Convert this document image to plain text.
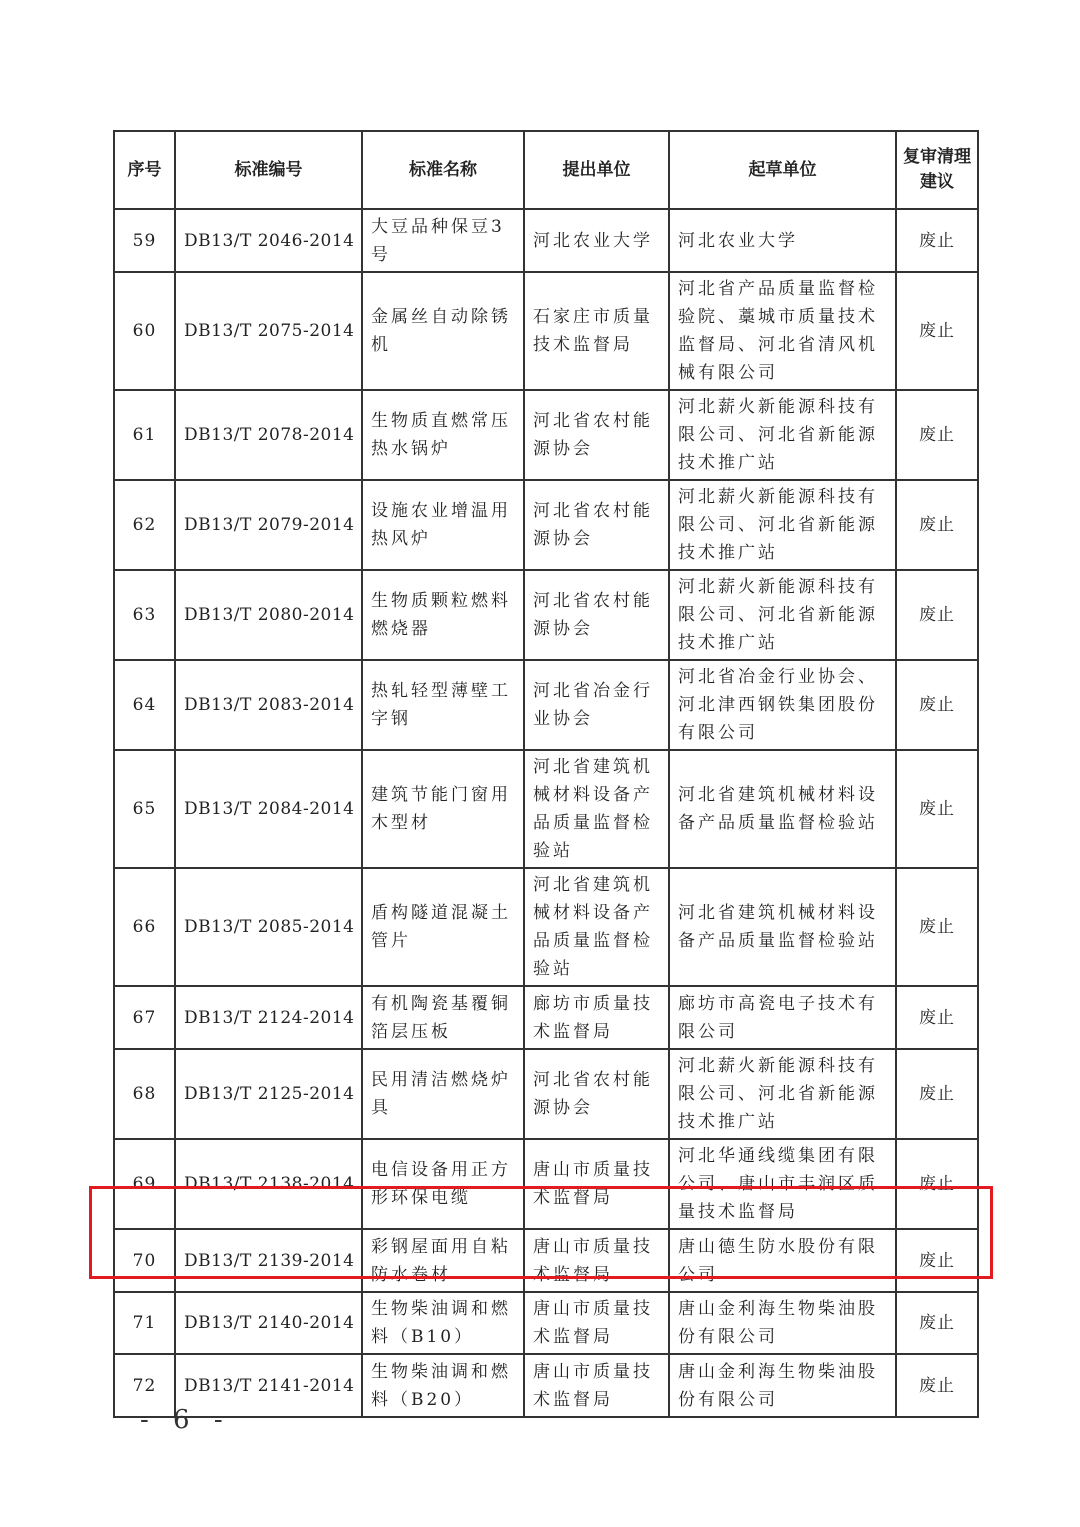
序号	标准编号	标准名称	提出单位	起草单位	复审清理建议
59	DB13/T 2046-2014	大豆品种保豆3号	河北农业大学	河北农业大学	废止
60	DB13/T 2075-2014	金属丝自动除锈机	石家庄市质量技术监督局	河北省产品质量监督检验院、藁城市质量技术监督局、河北省清风机械有限公司	废止
61	DB13/T 2078-2014	生物质直燃常压热水锅炉	河北省农村能源协会	河北薪火新能源科技有限公司、河北省新能源技术推广站	废止
62	DB13/T 2079-2014	设施农业增温用热风炉	河北省农村能源协会	河北薪火新能源科技有限公司、河北省新能源技术推广站	废止
63	DB13/T 2080-2014	生物质颗粒燃料燃烧器	河北省农村能源协会	河北薪火新能源科技有限公司、河北省新能源技术推广站	废止
64	DB13/T 2083-2014	热轧轻型薄壁工字钢	河北省冶金行业协会	河北省冶金行业协会、河北津西钢铁集团股份有限公司	废止
65	DB13/T 2084-2014	建筑节能门窗用木型材	河北省建筑机械材料设备产品质量监督检验站	河北省建筑机械材料设备产品质量监督检验站	废止
66	DB13/T 2085-2014	盾构隧道混凝土管片	河北省建筑机械材料设备产品质量监督检验站	河北省建筑机械材料设备产品质量监督检验站	废止
67	DB13/T 2124-2014	有机陶瓷基覆铜箔层压板	廊坊市质量技术监督局	廊坊市高瓷电子技术有限公司	废止
68	DB13/T 2125-2014	民用清洁燃烧炉具	河北省农村能源协会	河北薪火新能源科技有限公司、河北省新能源技术推广站	废止
69	DB13/T 2138-2014	电信设备用正方形环保电缆	唐山市质量技术监督局	河北华通线缆集团有限公司、唐山市丰润区质量技术监督局	废止
70	DB13/T 2139-2014	彩钢屋面用自粘防水卷材	唐山市质量技术监督局	唐山德生防水股份有限公司	废止
71	DB13/T 2140-2014	生物柴油调和燃料（B10）	唐山市质量技术监督局	唐山金利海生物柴油股份有限公司	废止
72	DB13/T 2141-2014	生物柴油调和燃料（B20）	唐山市质量技术监督局	唐山金利海生物柴油股份有限公司	废止
- 6 -
